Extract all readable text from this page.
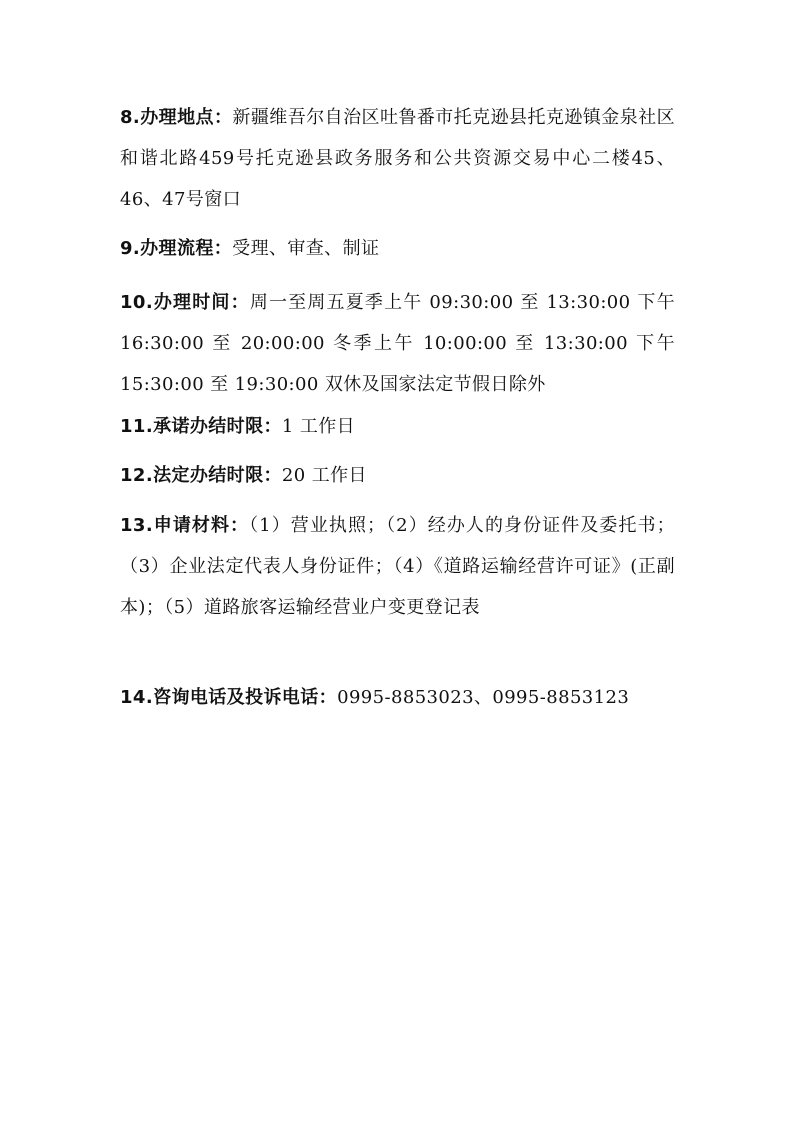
8.办理地点：新疆维吾尔自治区吐鲁番市托克逊县托克逊镇金泉社区和谐北路459号托克逊县政务服务和公共资源交易中心二楼45、46、47号窗口

9.办理流程：受理、审查、制证

10.办理时间：周一至周五夏季上午 09:30:00 至 13:30:00 下午 16:30:00 至 20:00:00 冬季上午 10:00:00 至 13:30:00 下午 15:30:00 至 19:30:00 双休及国家法定节假日除外

11.承诺办结时限：1 工作日

12.法定办结时限：20 工作日

13.申请材料：（1）营业执照；（2）经办人的身份证件及委托书；（3）企业法定代表人身份证件；（4）《道路运输经营许可证》(正副本)；（5）道路旅客运输经营业户变更登记表

14.咨询电话及投诉电话：0995-8853023、0995-8853123
